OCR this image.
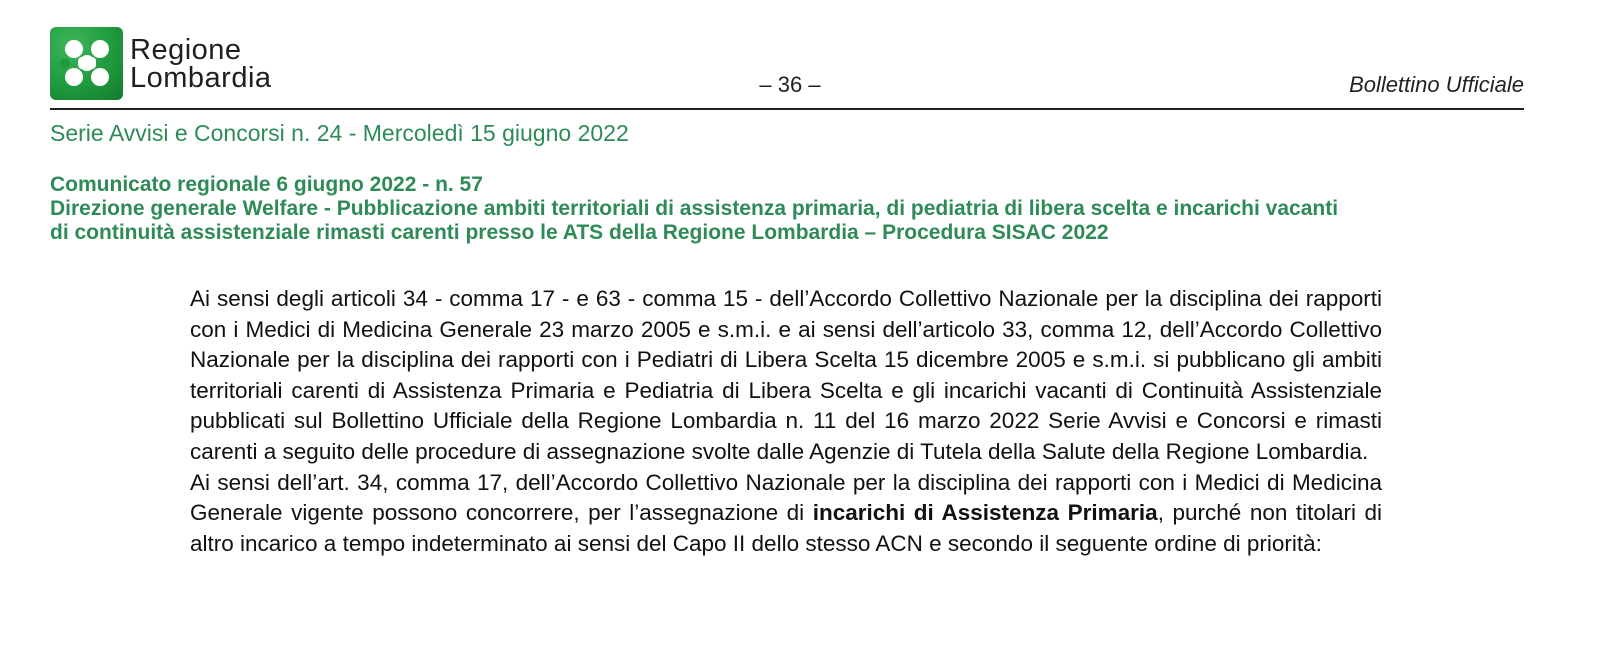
Regione
Lombardia	– 36 –	Bollettino Ufficiale
Serie Avvisi e Concorsi n. 24 - Mercoledì 15 giugno 2022
Comunicato regionale 6 giugno 2022 - n. 57
Direzione generale Welfare - Pubblicazione ambiti territoriali di assistenza primaria, di pediatria di libera scelta e incarichi vacanti
di continuità assistenziale rimasti carenti presso le ATS della Regione Lombardia – Procedura SISAC 2022

Ai sensi degli articoli 34 - comma 17 - e 63 - comma 15 - dell’Accordo Collettivo Nazionale per la disciplina dei rapporti con i Medici di Medicina Generale 23 marzo 2005 e s.m.i. e ai sensi dell’articolo 33, comma 12, dell’Accordo Collettivo Nazionale per la disciplina dei rapporti con i Pediatri di Libera Scelta 15 dicembre 2005 e s.m.i. si pubblicano gli ambiti territoriali carenti di Assistenza Primaria e Pediatria di Libera Scelta e gli incarichi vacanti di Continuità Assistenziale pubblicati sul Bollettino Ufficiale della Regione Lombardia n. 11 del 16 marzo 2022 Serie Avvisi e Concorsi e rimasti carenti a seguito delle procedure di assegnazione svolte dalle Agenzie di Tutela della Salute della Regione Lombardia.

Ai sensi dell’art. 34, comma 17, dell’Accordo Collettivo Nazionale per la disciplina dei rapporti con i Medici di Medicina Generale vigente possono concorrere, per l’assegnazione di incarichi di Assistenza Primaria, purché non titolari di altro incarico a tempo indeterminato ai sensi del Capo II dello stesso ACN e secondo il seguente ordine di priorità:
